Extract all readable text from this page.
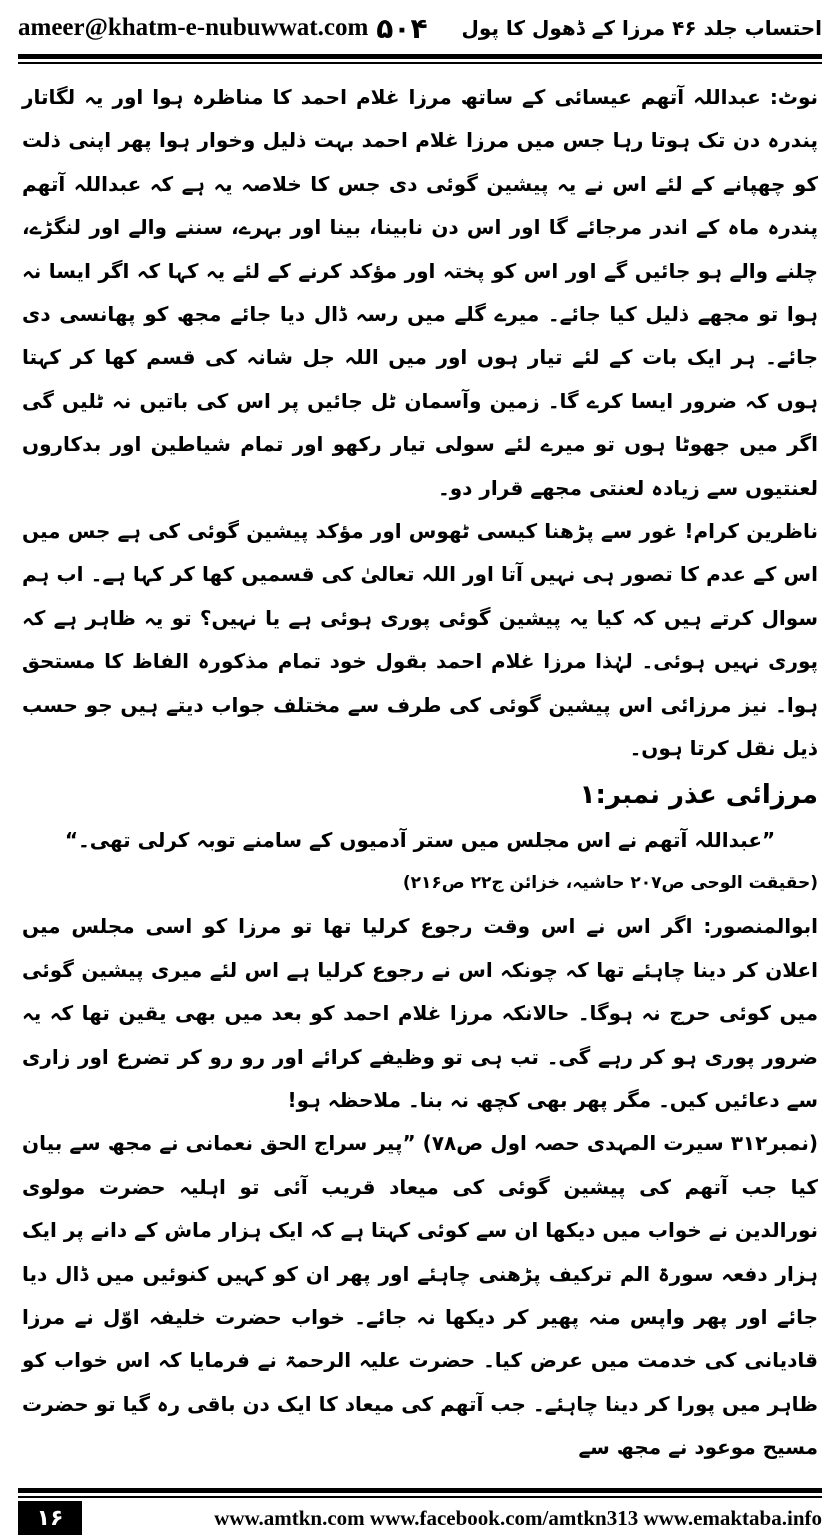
ameer@khatm-e-nubuwwat.com ۵۰۴ احتساب جلد ۴۶ مرزا کے ڈھول کا پول

نوٹ: عبداللہ آتھم عیسائی کے ساتھ مرزا غلام احمد کا مناظرہ ہوا اور یہ لگاتار پندرہ دن تک ہوتا رہا جس میں مرزا غلام احمد بہت ذلیل وخوار ہوا پھر اپنی ذلت کو چھپانے کے لئے اس نے یہ پیشین گوئی دی جس کا خلاصہ یہ ہے کہ عبداللہ آتھم پندرہ ماہ کے اندر مرجائے گا اور اس دن نابینا، بینا اور بہرے، سننے والے اور لنگڑے، چلنے والے ہو جائیں گے اور اس کو پختہ اور مؤکد کرنے کے لئے یہ کہا کہ اگر ایسا نہ ہوا تو مجھے ذلیل کیا جائے۔ میرے گلے میں رسہ ڈال دیا جائے مجھ کو پھانسی دی جائے۔ ہر ایک بات کے لئے تیار ہوں اور میں اللہ جل شانہ کی قسم کھا کر کہتا ہوں کہ ضرور ایسا کرے گا۔ زمین وآسمان ٹل جائیں پر اس کی باتیں نہ ٹلیں گی اگر میں جھوٹا ہوں تو میرے لئے سولی تیار رکھو اور تمام شیاطین اور بدکاروں لعنتیوں سے زیادہ لعنتی مجھے قرار دو۔

ناظرین کرام! غور سے پڑھنا کیسی ٹھوس اور مؤکد پیشین گوئی کی ہے جس میں اس کے عدم کا تصور ہی نہیں آتا اور اللہ تعالیٰ کی قسمیں کھا کر کہا ہے۔ اب ہم سوال کرتے ہیں کہ کیا یہ پیشین گوئی پوری ہوئی ہے یا نہیں؟ تو یہ ظاہر ہے کہ پوری نہیں ہوئی۔ لہٰذا مرزا غلام احمد بقول خود تمام مذکورہ الفاظ کا مستحق ہوا۔ نیز مرزائی اس پیشین گوئی کی طرف سے مختلف جواب دیتے ہیں جو حسب ذیل نقل کرتا ہوں۔

مرزائی عذر نمبر:۱

”عبداللہ آتھم نے اس مجلس میں ستر آدمیوں کے سامنے توبہ کرلی تھی۔“

(حقیقت الوحی ص۲۰۷ حاشیہ، خزائن ج۲۲ ص۲۱۶)

ابوالمنصور: اگر اس نے اس وقت رجوع کرلیا تھا تو مرزا کو اسی مجلس میں اعلان کر دینا چاہئے تھا کہ چونکہ اس نے رجوع کرلیا ہے اس لئے میری پیشین گوئی میں کوئی حرج نہ ہوگا۔ حالانکہ مرزا غلام احمد کو بعد میں بھی یقین تھا کہ یہ ضرور پوری ہو کر رہے گی۔ تب ہی تو وظیفے کرائے اور رو رو کر تضرع اور زاری سے دعائیں کیں۔ مگر پھر بھی کچھ نہ بنا۔ ملاحظہ ہو!

(نمبر۳۱۲ سیرت المہدی حصہ اول ص۷۸) ”پیر سراج الحق نعمانی نے مجھ سے بیان کیا جب آتھم کی پیشین گوئی کی میعاد قریب آئی تو اہلیہ حضرت مولوی نورالدین نے خواب میں دیکھا ان سے کوئی کہتا ہے کہ ایک ہزار ماش کے دانے پر ایک ہزار دفعہ سورۃ الم ترکیف پڑھنی چاہئے اور پھر ان کو کہیں کنوئیں میں ڈال دیا جائے اور پھر واپس منہ پھیر کر دیکھا نہ جائے۔ خواب حضرت خلیفہ اوّل نے مرزا قادیانی کی خدمت میں عرض کیا۔ حضرت علیہ الرحمۃ نے فرمایا کہ اس خواب کو ظاہر میں پورا کر دینا چاہئے۔ جب آتھم کی میعاد کا ایک دن باقی رہ گیا تو حضرت مسیح موعود نے مجھ سے

۱۶	www.amtkn.com www.facebook.com/amtkn313 www.emaktaba.info
